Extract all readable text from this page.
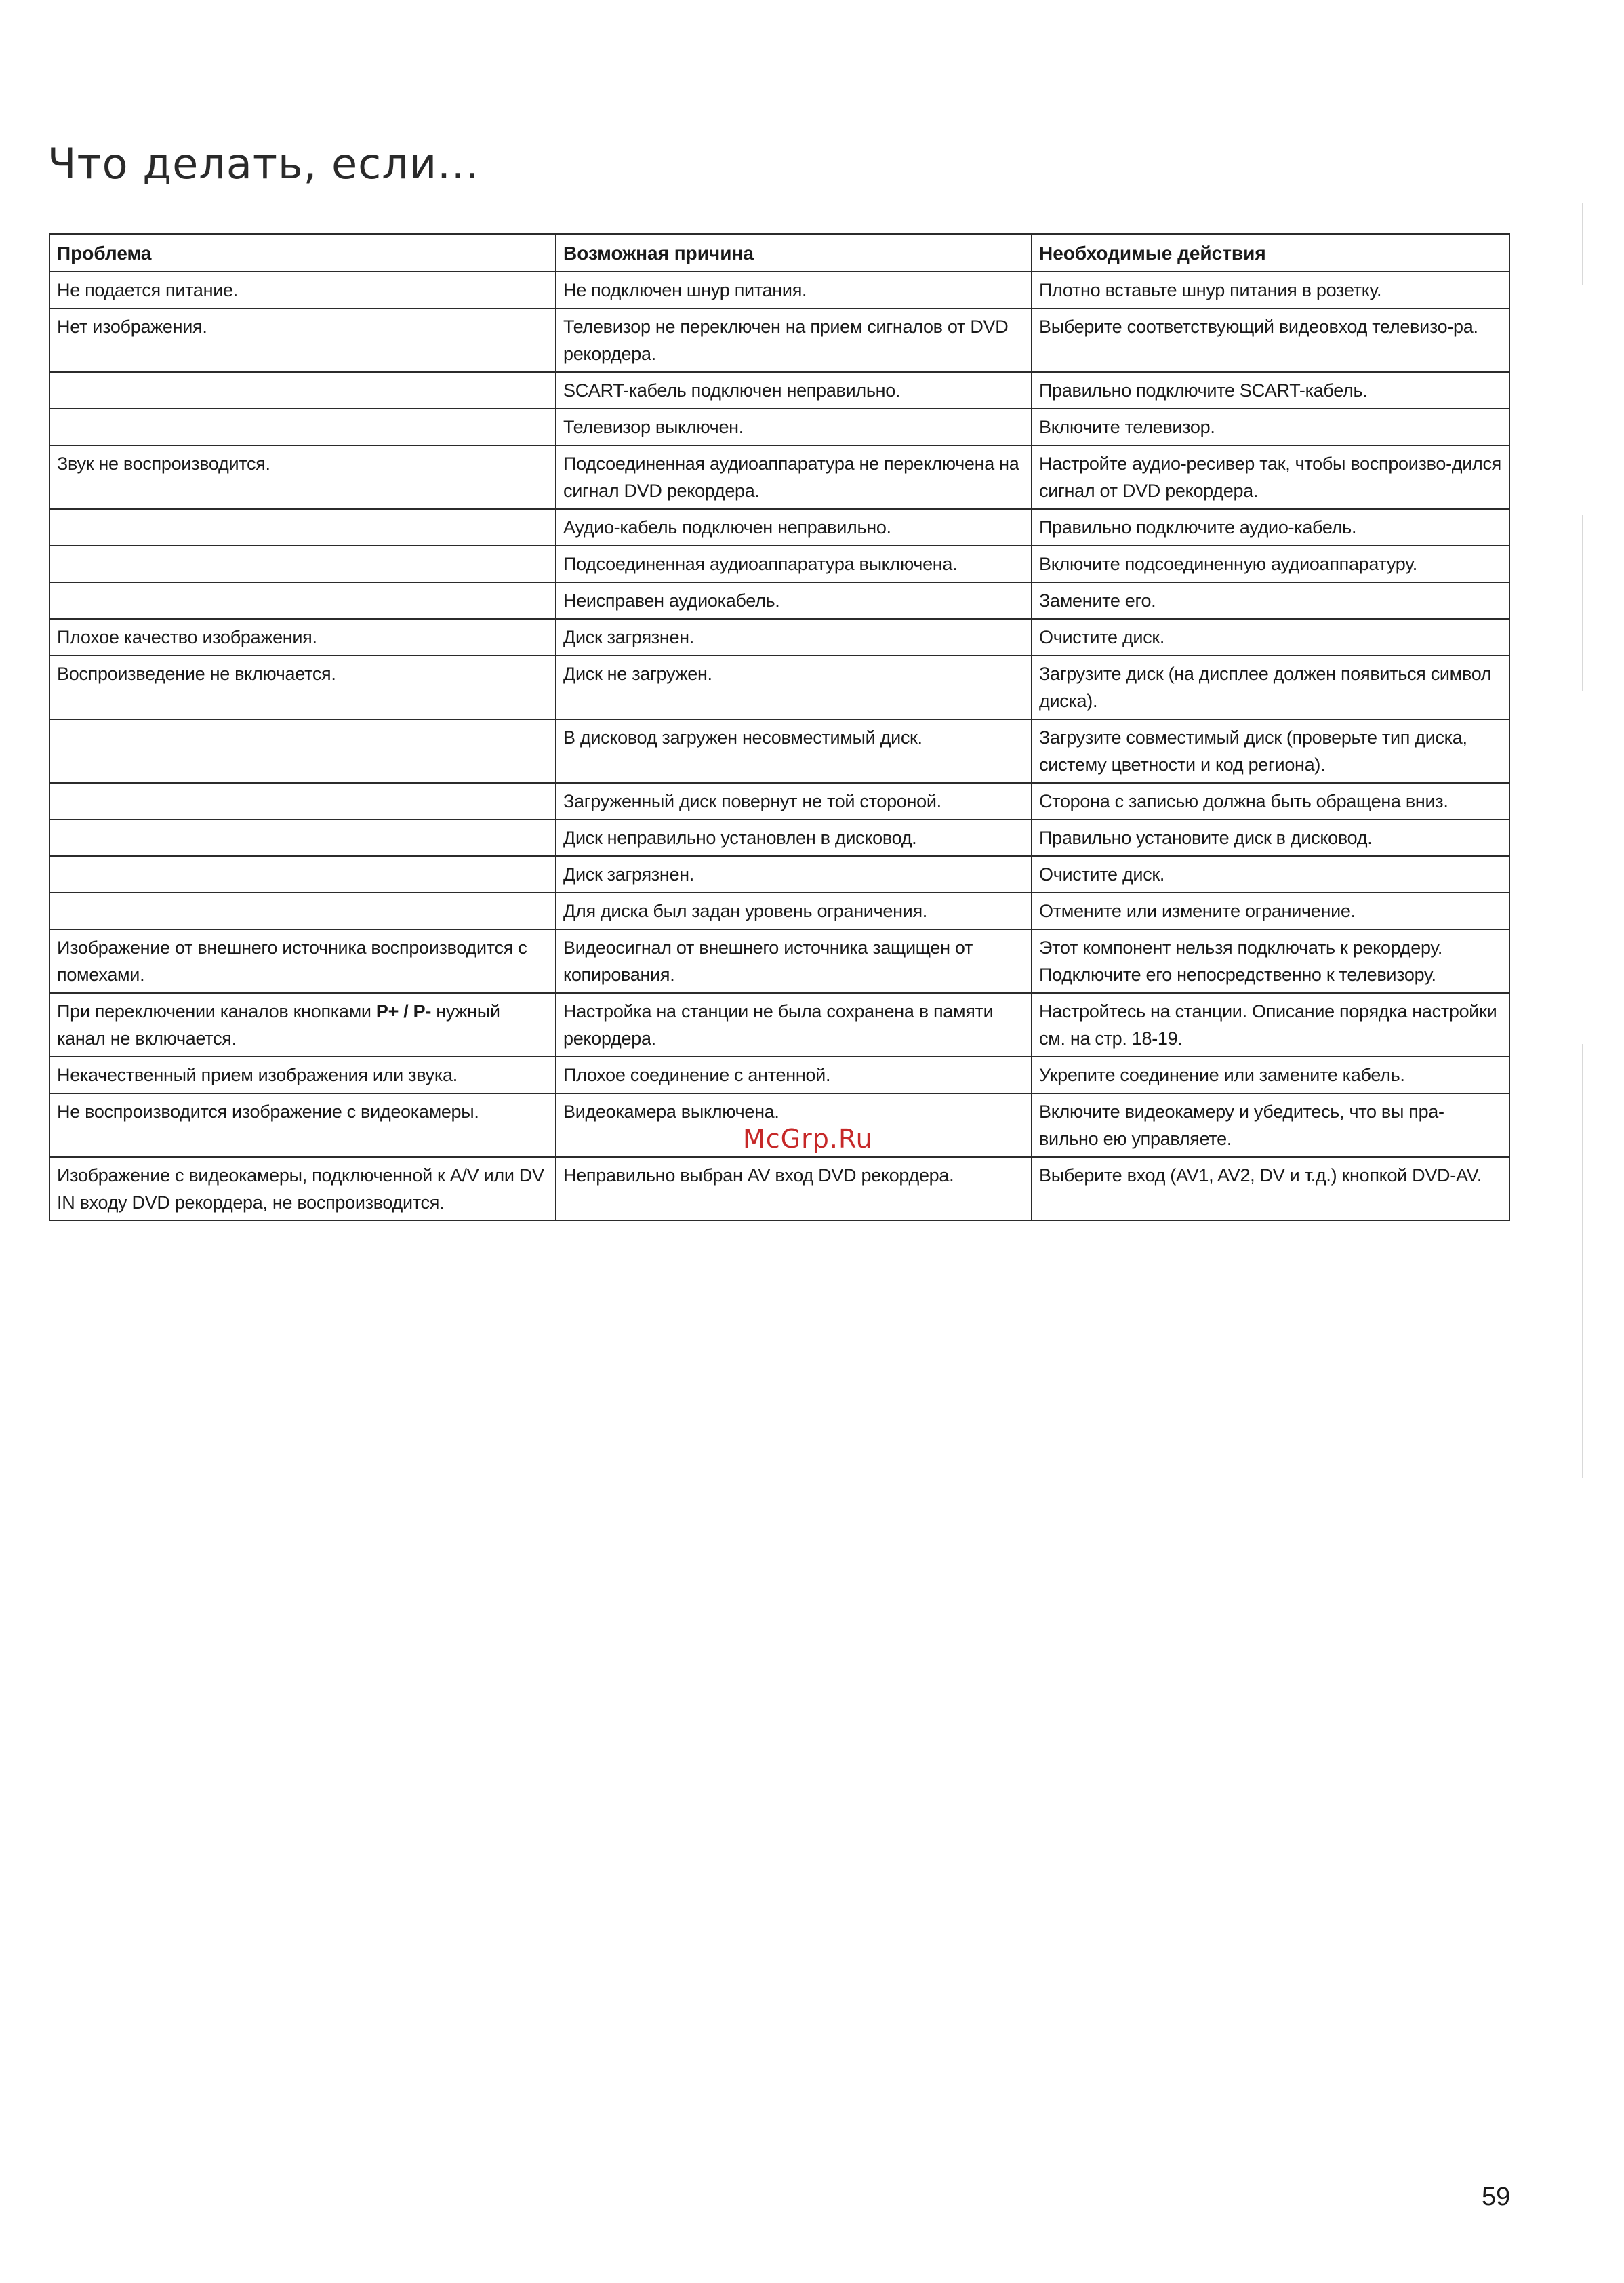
Что делать, если...
Проблема	Возможная причина	Необходимые действия
Не подается питание.	Не подключен шнур питания.	Плотно вставьте шнур питания в розетку.
Нет изображения.	Телевизор не переключен на прием сигналов от DVD рекордера.	Выберите соответствующий видеовход телевизо-ра.
	SCART-кабель подключен неправильно.	Правильно подключите SCART-кабель.
	Телевизор выключен.	Включите телевизор.
Звук не воспроизводится.	Подсоединенная аудиоаппаратура не переключена на сигнал DVD рекордера.	Настройте аудио-ресивер так, чтобы воспроизво-дился сигнал от DVD рекордера.
	Аудио-кабель подключен неправильно.	Правильно подключите аудио-кабель.
	Подсоединенная аудиоаппаратура выключена.	Включите подсоединенную аудиоаппаратуру.
	Неисправен аудиокабель.	Замените его.
Плохое качество изображения.	Диск загрязнен.	Очистите диск.
Воспроизведение не включается.	Диск не загружен.	Загрузите диск (на дисплее должен появиться символ диска).
	В дисковод загружен несовместимый диск.	Загрузите совместимый диск (проверьте тип диска, систему цветности и код региона).
	Загруженный диск повернут не той стороной.	Сторона с записью должна быть обращена вниз.
	Диск неправильно установлен в дисковод.	Правильно установите диск в дисковод.
	Диск загрязнен.	Очистите диск.
	Для диска был задан уровень ограничения.	Отмените или измените ограничение.
Изображение от внешнего источника воспроизводится с помехами.	Видеосигнал от внешнего источника защищен от копирования.	Этот компонент нельзя подключать к рекордеру. Подключите его непосредственно к телевизору.
При переключении каналов кнопками P+ / P- нужный канал не включается.	Настройка на станции не была сохранена в памяти рекордера.	Настройтесь на станции. Описание порядка настройки см. на стр. 18-19.
Некачественный прием изображения или звука.	Плохое соединение с антенной.	Укрепите соединение или замените кабель.
Не воспроизводится изображение с видеокамеры.	Видеокамера выключена.	Включите видеокамеру и убедитесь, что вы пра-вильно ею управляете.
Изображение с видеокамеры, подключенной к A/V или DV IN входу DVD рекордера, не воспроизводится.	Неправильно выбран AV вход DVD рекордера.	Выберите вход (AV1, AV2, DV и т.д.) кнопкой DVD-AV.
McGrp.Ru
59
